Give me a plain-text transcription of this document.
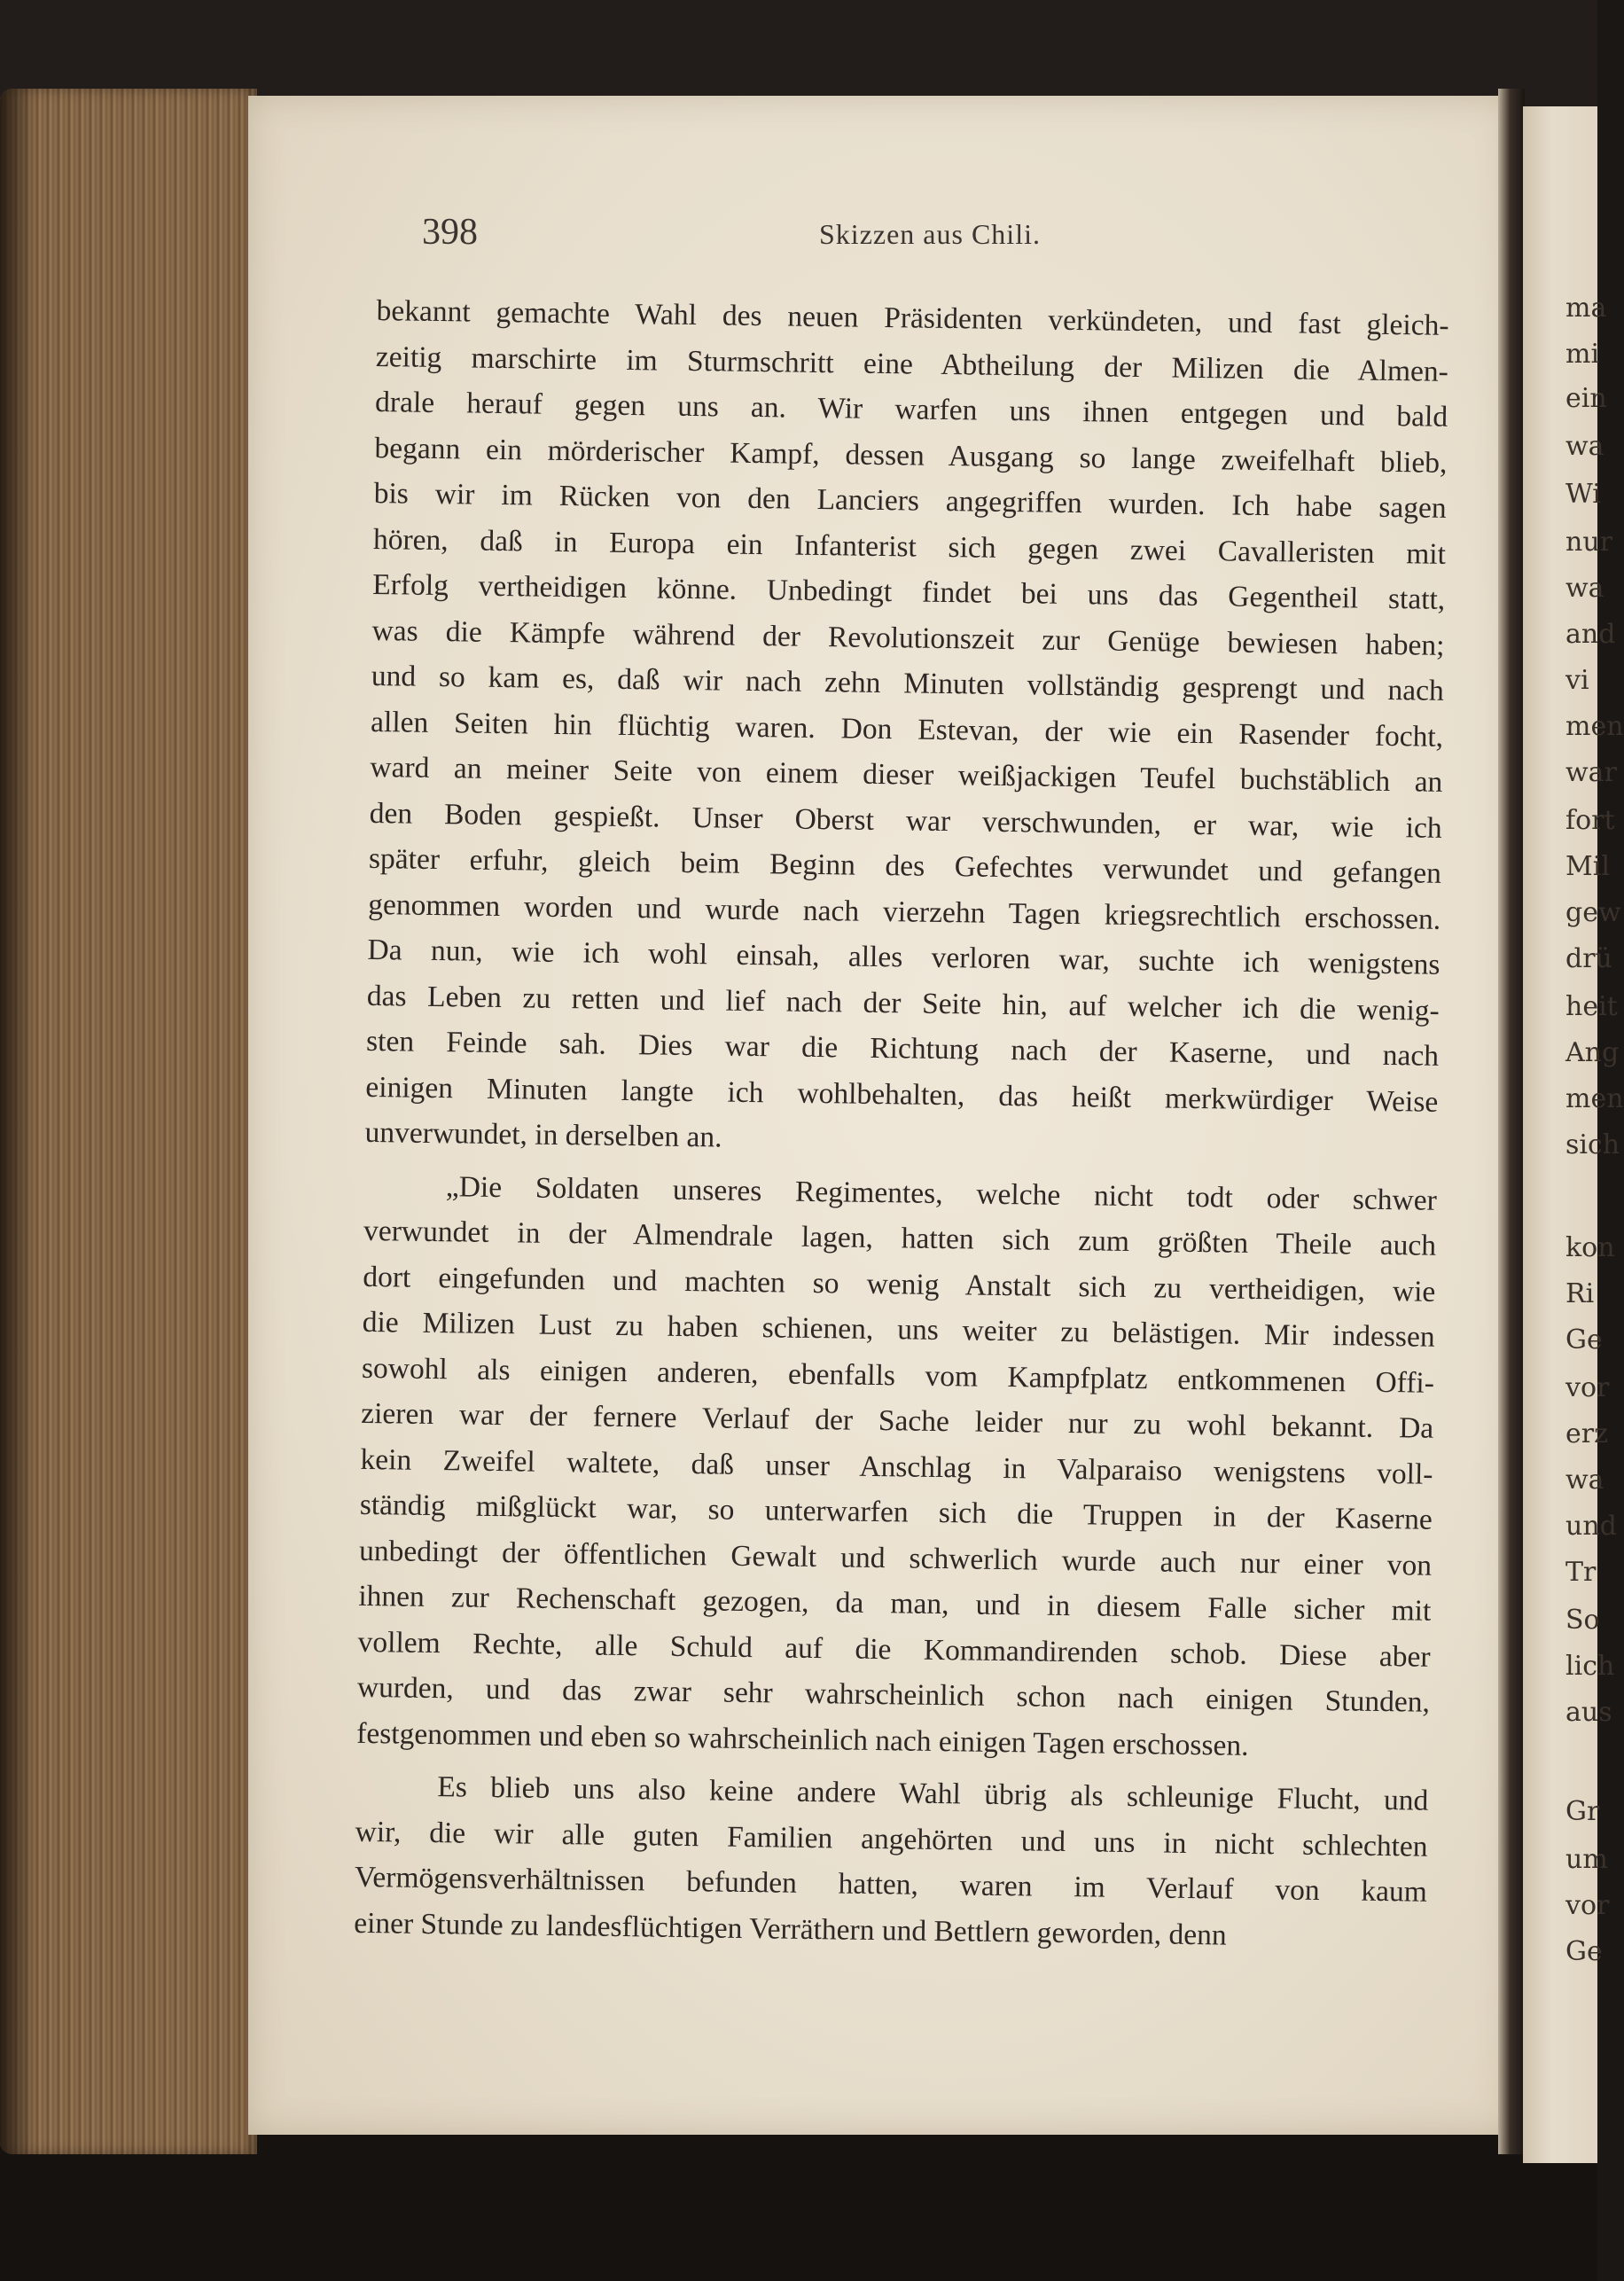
398	Skizzen aus Chili.
bekannt gemachte Wahl des neuen Präsidenten verkündeten, und fast gleich-
zeitig marschirte im Sturmschritt eine Abtheilung der Milizen die Almen-
drale herauf gegen uns an. Wir warfen uns ihnen entgegen und bald
begann ein mörderischer Kampf, dessen Ausgang so lange zweifelhaft blieb,
bis wir im Rücken von den Lanciers angegriffen wurden. Ich habe sagen
hören, daß in Europa ein Infanterist sich gegen zwei Cavalleristen mit
Erfolg vertheidigen könne. Unbedingt findet bei uns das Gegentheil statt,
was die Kämpfe während der Revolutionszeit zur Genüge bewiesen haben;
und so kam es, daß wir nach zehn Minuten vollständig gesprengt und nach
allen Seiten hin flüchtig waren. Don Estevan, der wie ein Rasender focht,
ward an meiner Seite von einem dieser weißjackigen Teufel buchstäblich an
den Boden gespießt. Unser Oberst war verschwunden, er war, wie ich
später erfuhr, gleich beim Beginn des Gefechtes verwundet und gefangen
genommen worden und wurde nach vierzehn Tagen kriegsrechtlich erschossen.
Da nun, wie ich wohl einsah, alles verloren war, suchte ich wenigstens
das Leben zu retten und lief nach der Seite hin, auf welcher ich die wenig-
sten Feinde sah. Dies war die Richtung nach der Kaserne, und nach
einigen Minuten langte ich wohlbehalten, das heißt merkwürdiger Weise
unverwundet, in derselben an.
„Die Soldaten unseres Regimentes, welche nicht todt oder schwer
verwundet in der Almendrale lagen, hatten sich zum größten Theile auch
dort eingefunden und machten so wenig Anstalt sich zu vertheidigen, wie
die Milizen Lust zu haben schienen, uns weiter zu belästigen. Mir indessen
sowohl als einigen anderen, ebenfalls vom Kampfplatz entkommenen Offi-
zieren war der fernere Verlauf der Sache leider nur zu wohl bekannt. Da
kein Zweifel waltete, daß unser Anschlag in Valparaiso wenigstens voll-
ständig mißglückt war, so unterwarfen sich die Truppen in der Kaserne
unbedingt der öffentlichen Gewalt und schwerlich wurde auch nur einer von
ihnen zur Rechenschaft gezogen, da man, und in diesem Falle sicher mit
vollem Rechte, alle Schuld auf die Kommandirenden schob. Diese aber
wurden, und das zwar sehr wahrscheinlich schon nach einigen Stunden,
festgenommen und eben so wahrscheinlich nach einigen Tagen erschossen.
Es blieb uns also keine andere Wahl übrig als schleunige Flucht, und
wir, die wir alle guten Familien angehörten und uns in nicht schlechten
Vermögensverhältnissen befunden hatten, waren im Verlauf von kaum
einer Stunde zu landesflüchtigen Verräthern und Bettlern geworden, denn
ma
mi
ein
wa
Wi
nur
wa
and
vi
men
war
fort
Mil
gew
drü
heit
Ang
men
sich
kon
Ri
Ge
vor
erz
wa
und
Tr
So
lich
aus
Gr
um
vor
Ge
